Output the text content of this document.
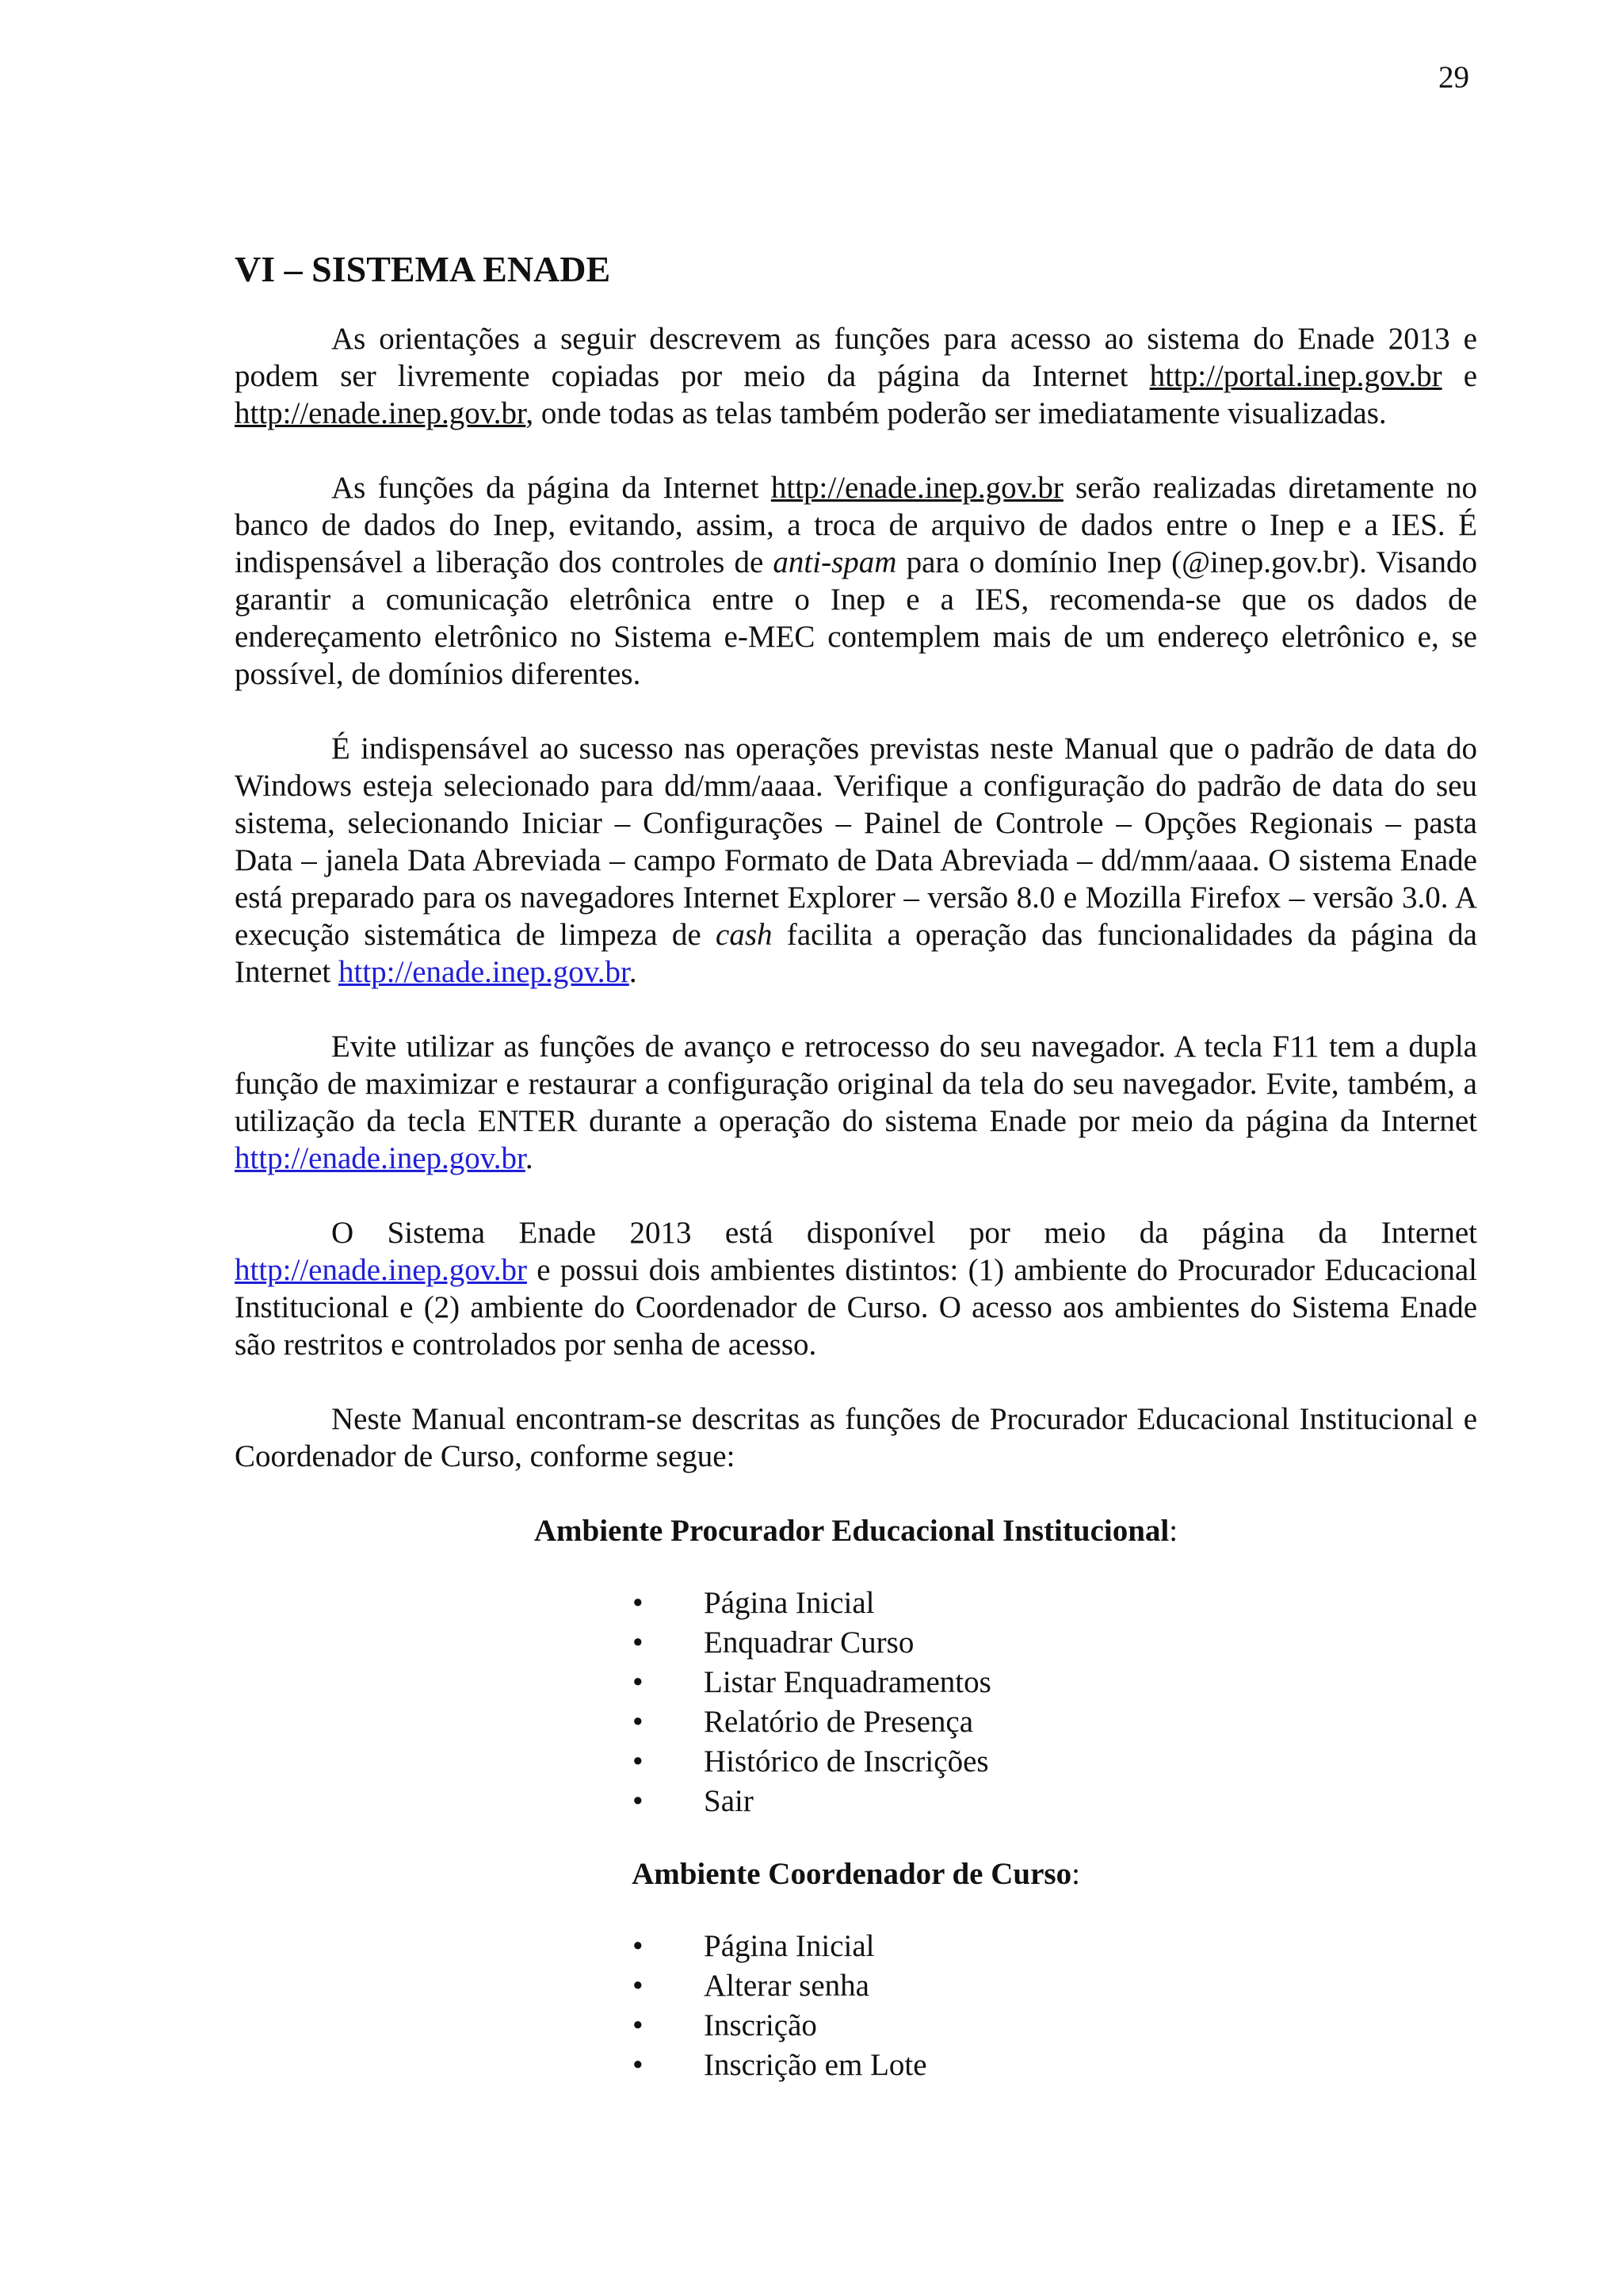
29
VI – SISTEMA ENADE

As orientações a seguir descrevem as funções para acesso ao sistema do Enade 2013 e podem ser livremente copiadas por meio da página da Internet http://portal.inep.gov.br e http://enade.inep.gov.br, onde todas as telas também poderão ser imediatamente visualizadas.

As funções da página da Internet http://enade.inep.gov.br serão realizadas diretamente no banco de dados do Inep, evitando, assim, a troca de arquivo de dados entre o Inep e a IES. É indispensável a liberação dos controles de anti-spam para o domínio Inep (@inep.gov.br). Visando garantir a comunicação eletrônica entre o Inep e a IES, recomenda-se que os dados de endereçamento eletrônico no Sistema e-MEC contemplem mais de um endereço eletrônico e, se possível, de domínios diferentes.

É indispensável ao sucesso nas operações previstas neste Manual que o padrão de data do Windows esteja selecionado para dd/mm/aaaa. Verifique a configuração do padrão de data do seu sistema, selecionando Iniciar – Configurações – Painel de Controle – Opções Regionais – pasta Data – janela Data Abreviada – campo Formato de Data Abreviada – dd/mm/aaaa. O sistema Enade está preparado para os navegadores Internet Explorer – versão 8.0 e Mozilla Firefox – versão 3.0. A execução sistemática de limpeza de cash facilita a operação das funcionalidades da página da Internet http://enade.inep.gov.br.

Evite utilizar as funções de avanço e retrocesso do seu navegador. A tecla F11 tem a dupla função de maximizar e restaurar a configuração original da tela do seu navegador. Evite, também, a utilização da tecla ENTER durante a operação do sistema Enade por meio da página da Internet http://enade.inep.gov.br.

O Sistema Enade 2013 está disponível por meio da página da Internet http://enade.inep.gov.br e possui dois ambientes distintos: (1) ambiente do Procurador Educacional Institucional e (2) ambiente do Coordenador de Curso. O acesso aos ambientes do Sistema Enade são restritos e controlados por senha de acesso.

Neste Manual encontram-se descritas as funções de Procurador Educacional Institucional e Coordenador de Curso, conforme segue:

Ambiente Procurador Educacional Institucional:
• Página Inicial
• Enquadrar Curso
• Listar Enquadramentos
• Relatório de Presença
• Histórico de Inscrições
• Sair
Ambiente Coordenador de Curso:
• Página Inicial
• Alterar senha
• Inscrição
• Inscrição em Lote
